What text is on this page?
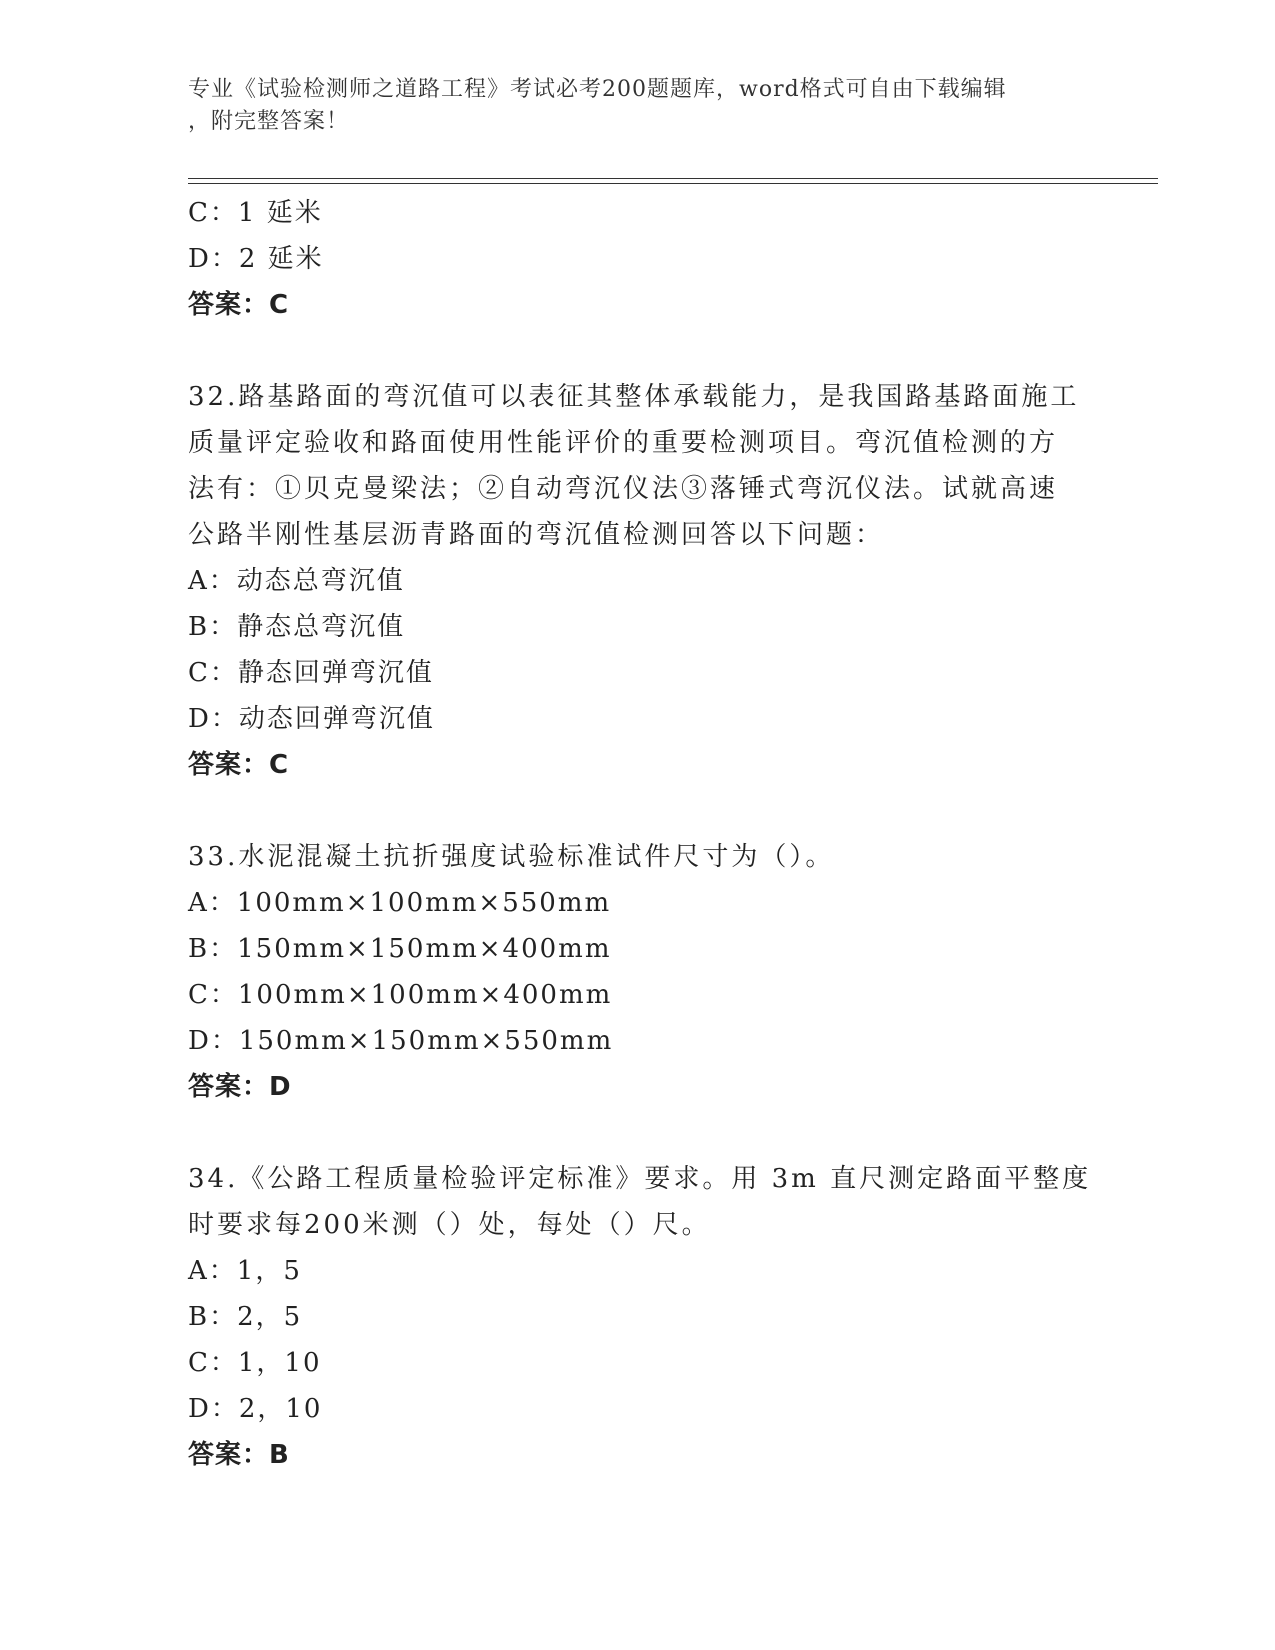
专业《试验检测师之道路工程》考试必考200题题库，word格式可自由下载编辑
，附完整答案！
C：1 延米
D：2 延米
答案：C
32.路基路面的弯沉值可以表征其整体承载能力，是我国路基路面施工
质量评定验收和路面使用性能评价的重要检测项目。弯沉值检测的方
法有：①贝克曼梁法；②自动弯沉仪法③落锤式弯沉仪法。试就高速
公路半刚性基层沥青路面的弯沉值检测回答以下问题：
A：动态总弯沉值
B：静态总弯沉值
C：静态回弹弯沉值
D：动态回弹弯沉值
答案：C
33.水泥混凝土抗折强度试验标准试件尺寸为（）。
A：100mm×100mm×550mm
B：150mm×150mm×400mm
C：100mm×100mm×400mm
D：150mm×150mm×550mm
答案：D
34.《公路工程质量检验评定标准》要求。用 3m 直尺测定路面平整度
时要求每200米测（）处，每处（）尺。
A：1，5
B：2，5
C：1，10
D：2，10
答案：B
